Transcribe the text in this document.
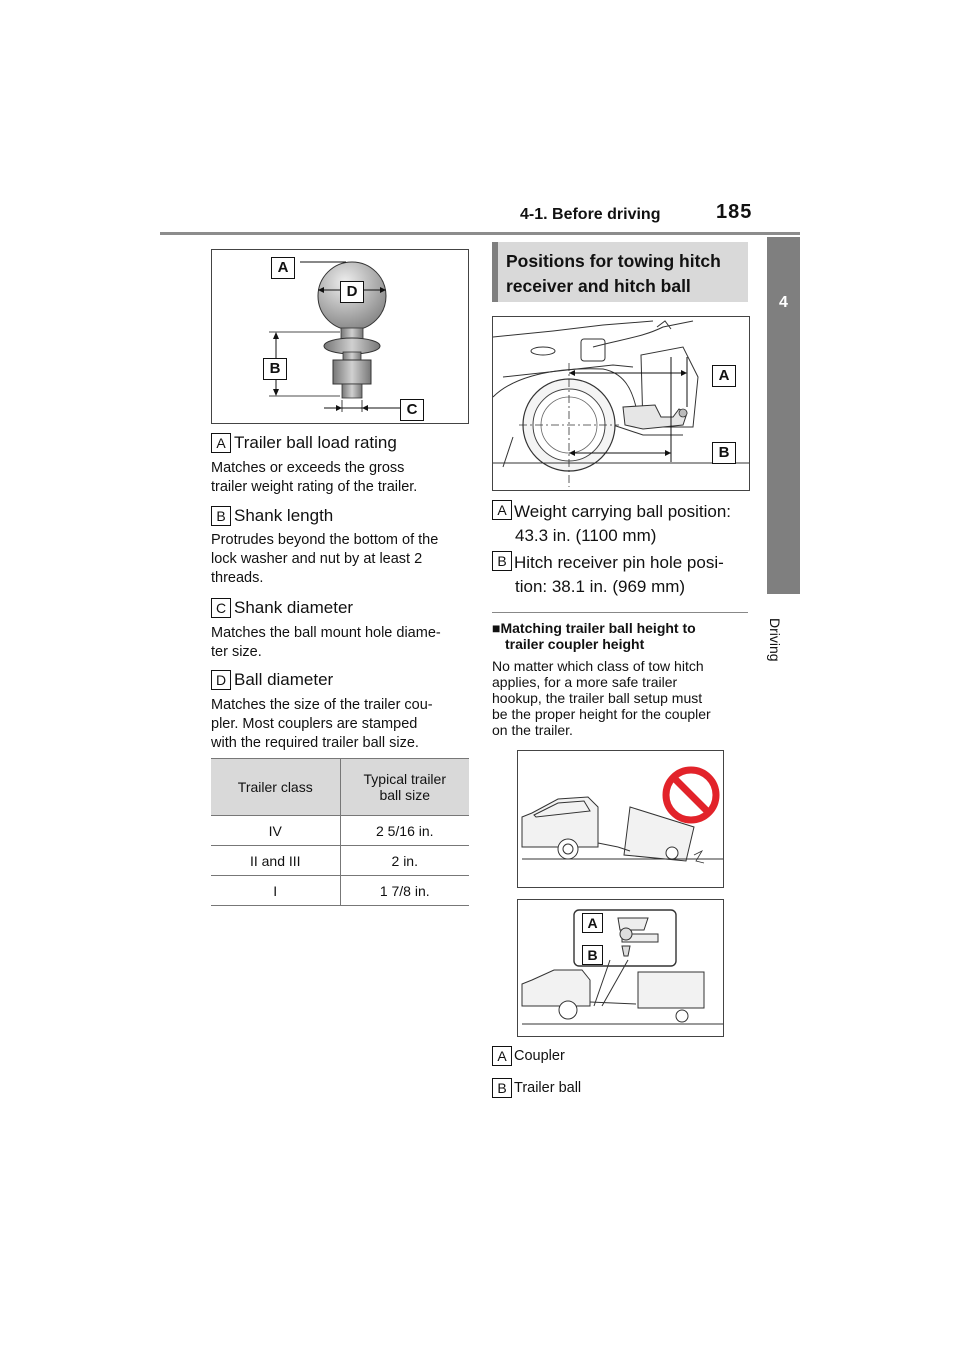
4-1. Before driving	185
4
Driving
A
D
B
C
A Trailer ball load rating
Matches or exceeds the gross
trailer weight rating of the trailer.
B Shank length
Protrudes beyond the bottom of the
lock washer and nut by at least 2
threads.
C Shank diameter
Matches the ball mount hole diame-
ter size.
D Ball diameter
Matches the size of the trailer cou-
pler. Most couplers are stamped
with the required trailer ball size.
Trailer class	Typical trailer
ball size

IV	2 5/16 in.
II and III	2 in.
I	1 7/8 in.
Positions for towing hitch
receiver and hitch ball
A
B
A Weight carrying ball position:
43.3 in. (1100 mm)
B Hitch receiver pin hole posi-
tion: 38.1 in. (969 mm)
■Matching trailer ball height to
trailer coupler height
No matter which class of tow hitch
applies, for a more safe trailer
hookup, the trailer ball setup must
be the proper height for the coupler
on the trailer.
A
B
A Coupler
B Trailer ball
